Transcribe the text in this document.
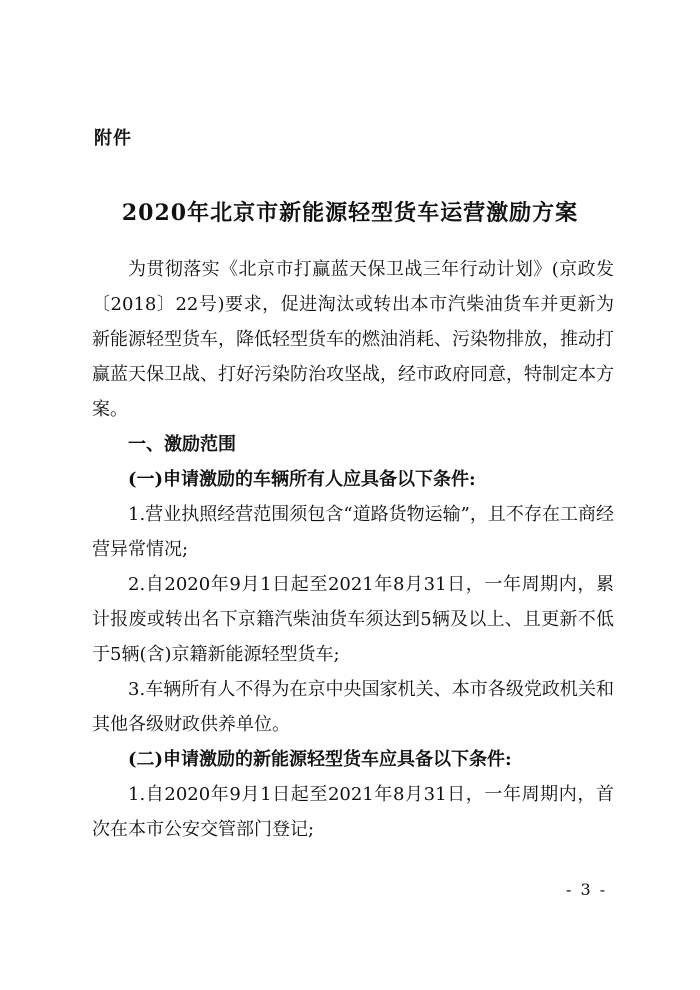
附件
2020年北京市新能源轻型货车运营激励方案

为贯彻落实《北京市打赢蓝天保卫战三年行动计划》(京政发〔2018〕22号)要求，促进淘汰或转出本市汽柴油货车并更新为新能源轻型货车，降低轻型货车的燃油消耗、污染物排放，推动打赢蓝天保卫战、打好污染防治攻坚战，经市政府同意，特制定本方案。

一、激励范围

(一)申请激励的车辆所有人应具备以下条件:

1.营业执照经营范围须包含“道路货物运输”，且不存在工商经营异常情况;

2.自2020年9月1日起至2021年8月31日，一年周期内，累计报废或转出名下京籍汽柴油货车须达到5辆及以上、且更新不低于5辆(含)京籍新能源轻型货车;

3.车辆所有人不得为在京中央国家机关、本市各级党政机关和其他各级财政供养单位。

(二)申请激励的新能源轻型货车应具备以下条件:

1.自2020年9月1日起至2021年8月31日，一年周期内，首次在本市公安交管部门登记;

- 3 -
